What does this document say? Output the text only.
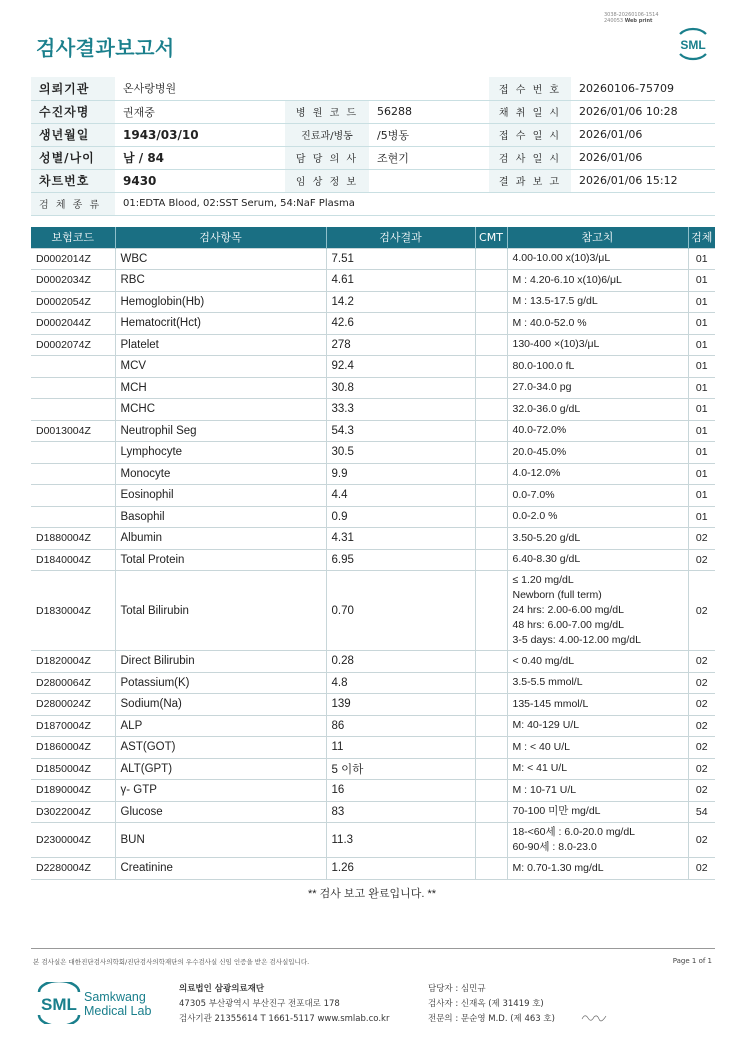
3038-20260106-1514
240053 Web print
검사결과보고서	SML
의뢰기관	온사랑병원			접 수 번 호	20260106-75709
수진자명	권재중	병 원 코 드	56288	채 취 일 시	2026/01/06 10:28
생년월일	1943/03/10	진료과/병동	/5병동	접 수 일 시	2026/01/06
성별/나이	남 / 84	담 당 의 사	조현기	검 사 일 시	2026/01/06
차트번호	9430	임 상 정 보		결 과 보 고	2026/01/06 15:12
검 체 종 류	01:EDTA Blood, 02:SST Serum, 54:NaF Plasma				
보험코드	검사항목	검사결과	CMT	참고치	검체
D0002014Z	WBC	7.51		4.00-10.00 x(10)3/μL	01
D0002034Z	RBC	4.61		M : 4.20-6.10 x(10)6/μL	01
D0002054Z	Hemoglobin(Hb)	14.2		M : 13.5-17.5 g/dL	01
D0002044Z	Hematocrit(Hct)	42.6		M : 40.0-52.0 %	01
D0002074Z	Platelet	278		130-400 ×(10)3/μL	01
	MCV	92.4		80.0-100.0 fL	01
	MCH	30.8		27.0-34.0 pg	01
	MCHC	33.3		32.0-36.0 g/dL	01
D0013004Z	Neutrophil Seg	54.3		40.0-72.0%	01
	Lymphocyte	30.5		20.0-45.0%	01
	Monocyte	9.9		4.0-12.0%	01
	Eosinophil	4.4		0.0-7.0%	01
	Basophil	0.9		0.0-2.0 %	01
D1880004Z	Albumin	4.31		3.50-5.20 g/dL	02
D1840004Z	Total Protein	6.95		6.40-8.30 g/dL	02
D1830004Z	Total Bilirubin	0.70		≤ 1.20 mg/dL
Newborn (full term)
24 hrs: 2.00-6.00 mg/dL
48 hrs: 6.00-7.00 mg/dL
3-5 days: 4.00-12.00 mg/dL	02
D1820004Z	Direct Bilirubin	0.28		< 0.40 mg/dL	02
D2800064Z	Potassium(K)	4.8		3.5-5.5 mmol/L	02
D2800024Z	Sodium(Na)	139		135-145 mmol/L	02
D1870004Z	ALP	86		M: 40-129 U/L	02
D1860004Z	AST(GOT)	11		M : < 40 U/L	02
D1850004Z	ALT(GPT)	5 이하		M: < 41 U/L	02
D1890004Z	γ- GTP	16		M : 10-71 U/L	02
D3022004Z	Glucose	83		70-100 미만 mg/dL	54
D2300004Z	BUN	11.3		18-<60세 : 6.0-20.0 mg/dL
60-90세 : 8.0-23.0	02
D2280004Z	Creatinine	1.26		M: 0.70-1.30 mg/dL	02
** 검사 보고 완료입니다. **
본 검사실은 대한진단검사의학회/진단검사의학재단의 우수검사실 신임 인증을 받은 검사실입니다.	Page 1 of 1
SML Samkwang
Medical Lab
의료법인 삼광의료재단
47305 부산광역시 부산진구 전포대로 178
검사기관 21355614 T 1661-5117 www.smlab.co.kr
담당자 : 심민규
검사자 : 신재옥 (제 31419 호)
전문의 : 문순영 M.D. (제 463 호)
